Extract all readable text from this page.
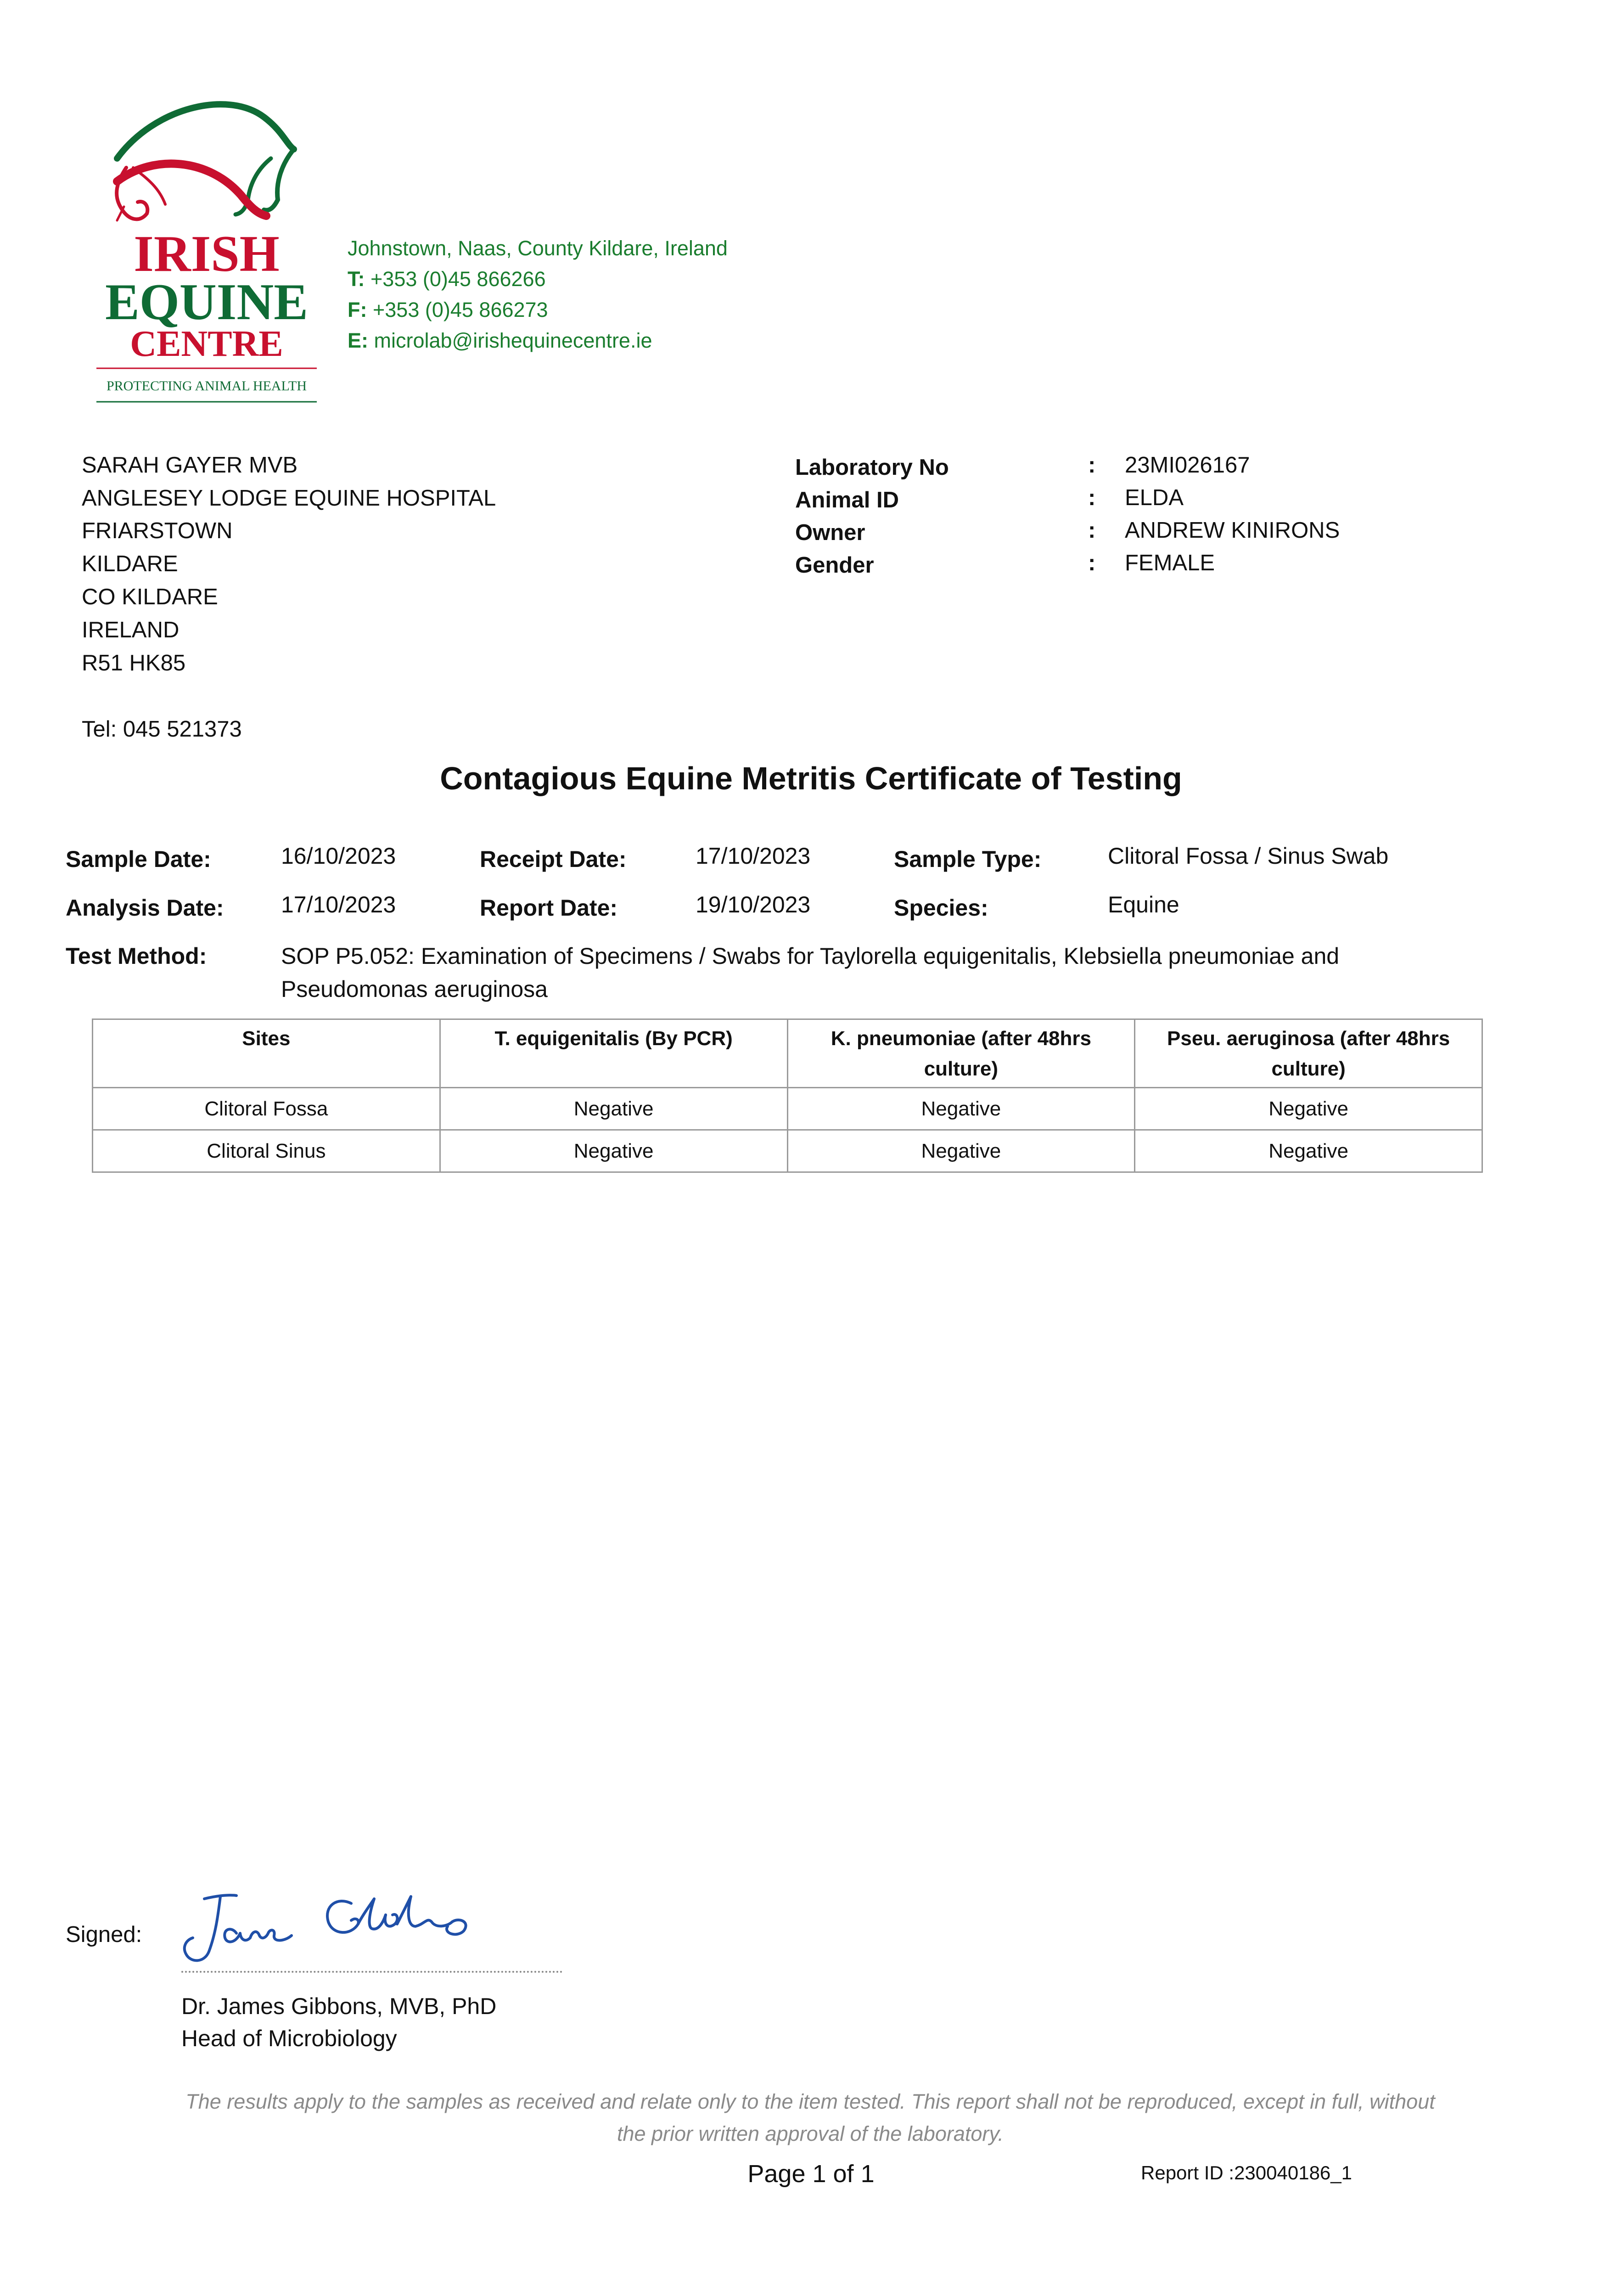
IRISH
EQUINE
CENTRE
PROTECTING ANIMAL HEALTH
Johnstown, Naas, County Kildare, Ireland
T: +353 (0)45 866266
F: +353 (0)45 866273
E: microlab@irishequinecentre.ie
SARAH GAYER MVB
ANGLESEY LODGE EQUINE HOSPITAL
FRIARSTOWN
KILDARE
CO KILDARE
IRELAND
R51 HK85
Tel: 045 521373
Laboratory No	: 23MI026167
Animal ID	: ELDA
Owner	: ANDREW KINIRONS
Gender	: FEMALE
Contagious Equine Metritis Certificate of Testing
Sample Date:	16/10/2023	Receipt Date:	17/10/2023	Sample Type:	Clitoral Fossa / Sinus Swab
Analysis Date: 17/10/2023	Report Date:	19/10/2023	Species:	Equine
Test Method:	SOP P5.052: Examination of Specimens / Swabs for Taylorella equigenitalis, Klebsiella pneumoniae and
Pseudomonas aeruginosa
Sites	T. equigenitalis (By PCR)	K. pneumoniae (after 48hrs culture)	Pseu. aeruginosa (after 48hrs culture)
Clitoral Fossa	Negative	Negative	Negative
Clitoral Sinus	Negative	Negative	Negative
Signed:
Dr. James Gibbons, MVB, PhD
Head of Microbiology
The results apply to the samples as received and relate only to the item tested. This report shall not be reproduced, except in full, without
the prior written approval of the laboratory.
Page 1 of 1	Report ID :230040186_1
